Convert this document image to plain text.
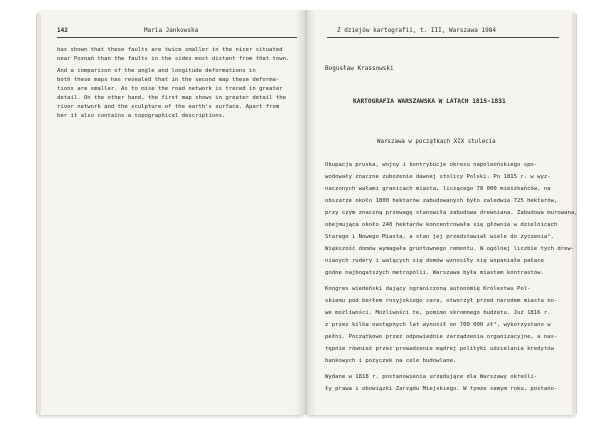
142	Maria Jankowska
has shown that these faults are twice smaller in the nicer situated
near Poznań than the faults in the sides most distant from that town.
And a comparison of the angle and longitude deformations in
both these maps has revealed that in the second map these deforma-
tions are smaller. As to mise the road network is treced in greater
detail. On the other hand, the first map shows in greater detail the
river network and the sculpture of the earth's surface. Apart from
her it also contains a topographical descriptions.
Z dziejów kartografii, t. III, Warszawa 1984
Bogusław Krassowski
KARTOGRAFIA WARSZAWSKA W LATACH 1815-1831
Warszawa w początkach XIX stulecia
Okupacja pruska, wojny i kontrybucje okresu napoleońskiego spo-
wodowały znaczne zubożenie dawnej stolicy Polski. Po 1815 r. w wyz-
naczonych wałami granicach miasta, liczącego 78 000 mieszkańców, na
obszarze około 1800 hektarów zabudowanych było zaledwie 725 hektarów,
przy czym znaczną przewagę stanowiła zabudowa drewniana. Zabudowa murowana,
obejmująca około 240 hektarów koncentrowała się głównie w dzielnicach
Starego i Nowego Miasta, a stan jej przedstawiał wiele do życzenia¹.
Większość domów wymagała gruntownego remontu. W ogólnej liczbie tych drew-
nianych rudery i walących się domów wznosiły się wspaniałe pałace
godne najbogatszych metropolii. Warszawa była miastem kontrastów.
Kongres wiedeński dający ograniczoną autonomię Królestwu Pol-
skiemu pod berłem rosyjskiego cara, otworzył przed narodem miasta no-
we możliwości. Możliwości te, pomimo skromnego budżetu. Już 1816 r.
z przez kilka następnych lat wynosił on 700 000 zł², wykorzystano w
pełni. Początkowo przez odpowiednie zarządzenia organizacyjne, a nas-
tępnie również przez prowadzenie mądrej polityki udzielania kredytów
bankowych i pożyczek na cele budowlane.
Wydane w 1818 r. postanowienia urzędujące dla Warszawy określi-
ły prawa i obowiązki Zarządu Miejskiego. W tymże samym roku, postano-
